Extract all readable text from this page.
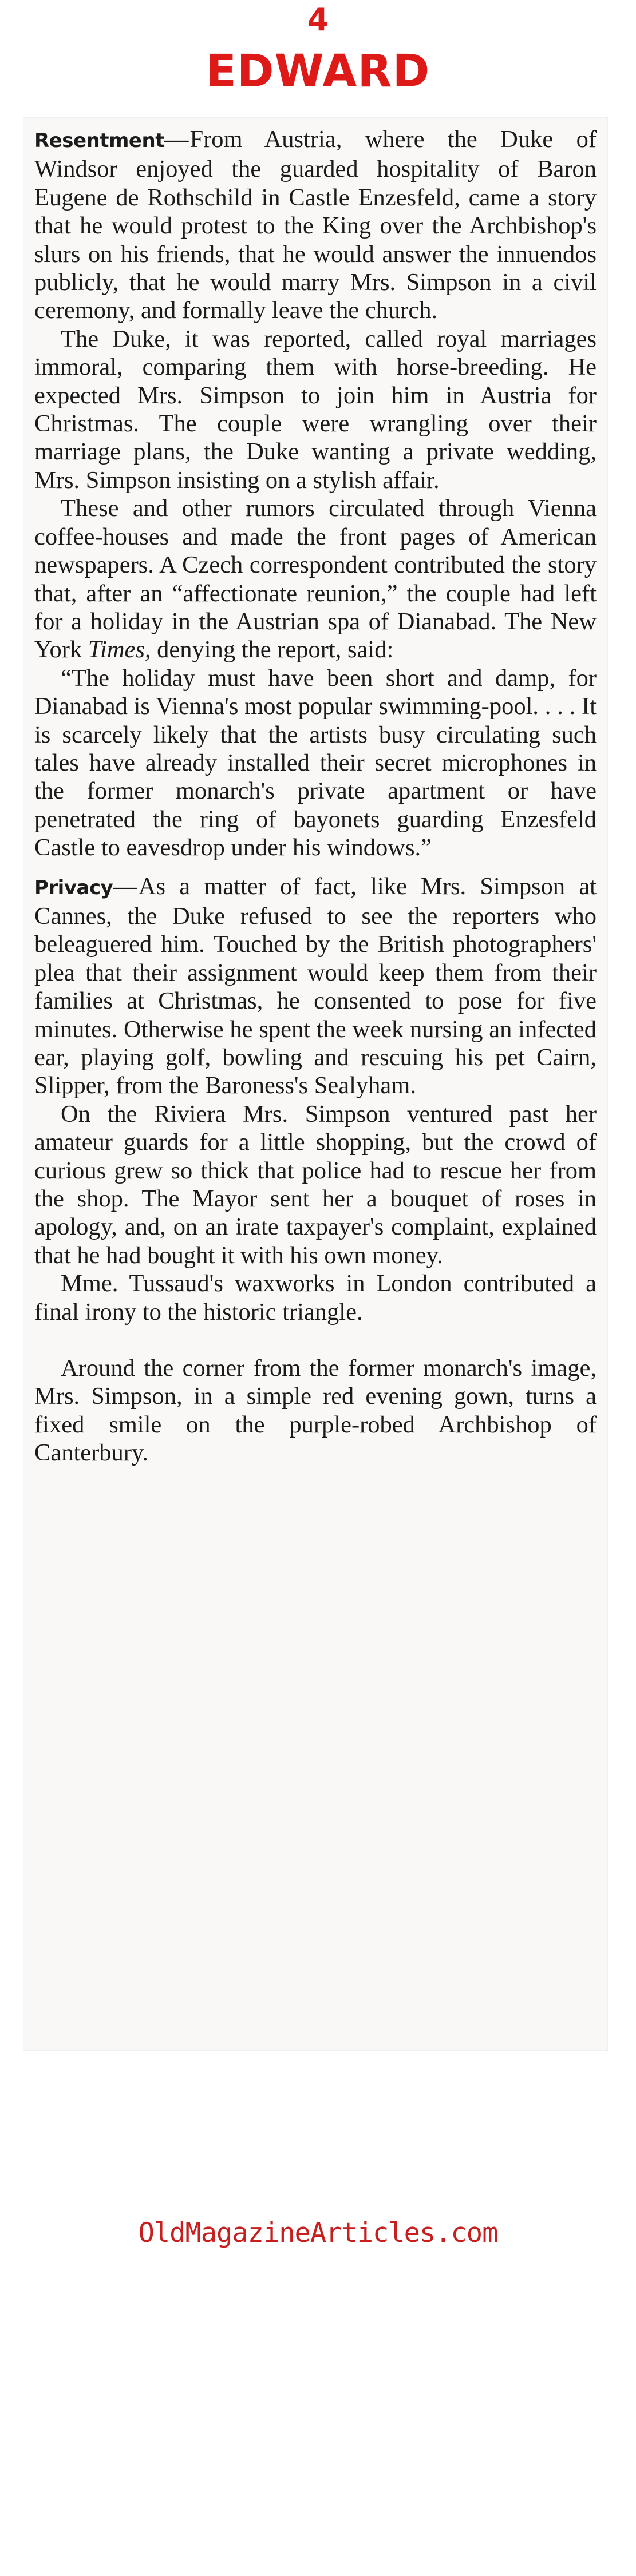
4
EDWARD

Resentment—From Austria, where the Duke of Windsor enjoyed the guarded hospitality of Baron Eugene de Rothschild in Castle Enzesfeld, came a story that he would protest to the King over the Archbishop's slurs on his friends, that he would answer the innuendos publicly, that he would marry Mrs. Simpson in a civil ceremony, and formally leave the church.

The Duke, it was reported, called royal marriages immoral, comparing them with horse-breeding. He expected Mrs. Simpson to join him in Austria for Christmas. The couple were wrangling over their marriage plans, the Duke wanting a private wedding, Mrs. Simpson insisting on a stylish affair.

These and other rumors circulated through Vienna coffee-houses and made the front pages of American newspapers. A Czech correspondent contributed the story that, after an “affectionate reunion,” the couple had left for a holiday in the Austrian spa of Dianabad. The New York Times, denying the report, said:

“The holiday must have been short and damp, for Dianabad is Vienna's most popular swimming-pool. . . . It is scarcely likely that the artists busy circulating such tales have already installed their secret microphones in the former monarch's private apartment or have penetrated the ring of bayonets guarding Enzesfeld Castle to eavesdrop under his windows.”

Privacy—As a matter of fact, like Mrs. Simpson at Cannes, the Duke refused to see the reporters who beleaguered him. Touched by the British photographers' plea that their assignment would keep them from their families at Christmas, he consented to pose for five minutes. Otherwise he spent the week nursing an infected ear, playing golf, bowling and rescuing his pet Cairn, Slipper, from the Baroness's Sealyham.

On the Riviera Mrs. Simpson ventured past her amateur guards for a little shopping, but the crowd of curious grew so thick that police had to rescue her from the shop. The Mayor sent her a bouquet of roses in apology, and, on an irate taxpayer's complaint, explained that he had bought it with his own money.

Mme. Tussaud's waxworks in London contributed a final irony to the historic triangle.

Around the corner from the former monarch's image, Mrs. Simpson, in a simple red evening gown, turns a fixed smile on the purple-robed Archbishop of Canterbury.

OldMagazineArticles.com
